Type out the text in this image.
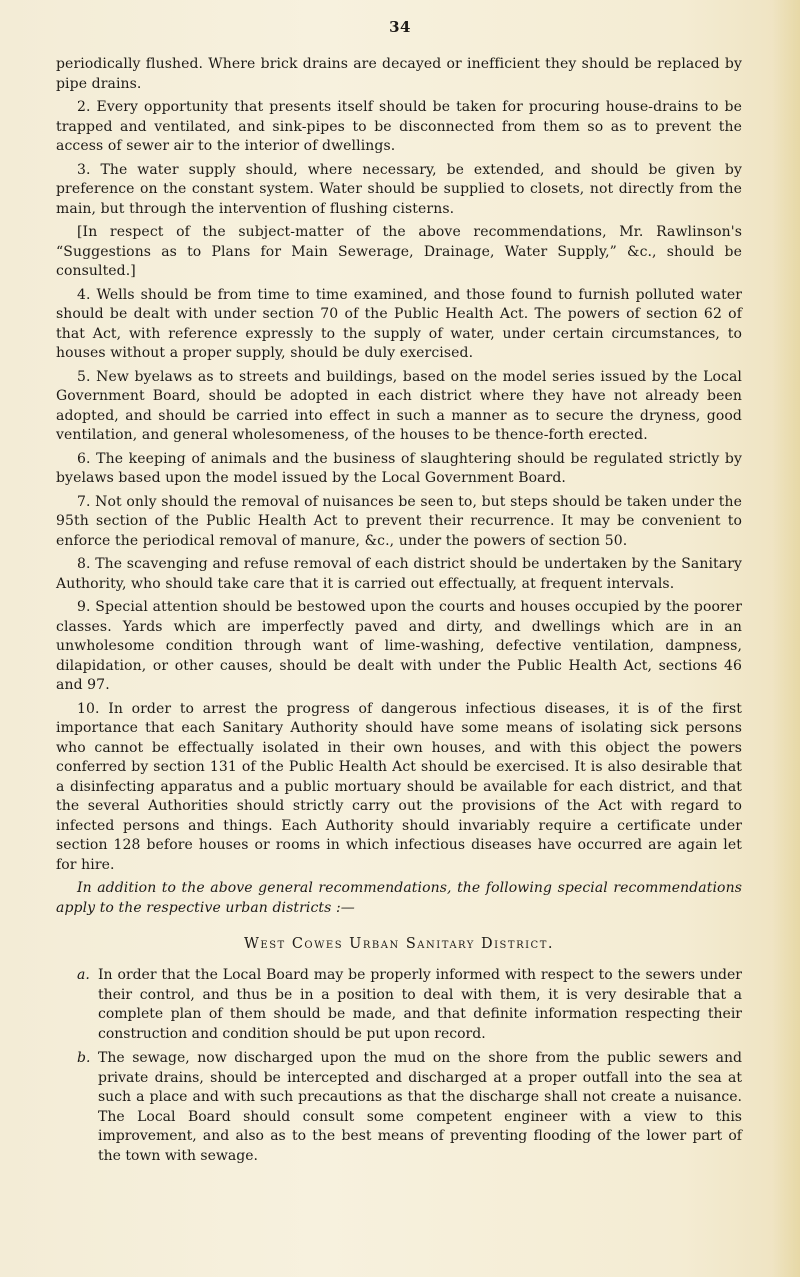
34

periodically flushed. Where brick drains are decayed or inefficient they should be replaced by pipe drains.

2. Every opportunity that presents itself should be taken for procuring house-drains to be trapped and ventilated, and sink-pipes to be disconnected from them so as to prevent the access of sewer air to the interior of dwellings.

3. The water supply should, where necessary, be extended, and should be given by preference on the constant system. Water should be supplied to closets, not directly from the main, but through the intervention of flushing cisterns.

[In respect of the subject-matter of the above recommendations, Mr. Rawlinson's “Suggestions as to Plans for Main Sewerage, Drainage, Water Supply,” &c., should be consulted.]

4. Wells should be from time to time examined, and those found to furnish polluted water should be dealt with under section 70 of the Public Health Act. The powers of section 62 of that Act, with reference expressly to the supply of water, under certain circumstances, to houses without a proper supply, should be duly exercised.

5. New byelaws as to streets and buildings, based on the model series issued by the Local Government Board, should be adopted in each district where they have not already been adopted, and should be carried into effect in such a manner as to secure the dryness, good ventilation, and general wholesomeness, of the houses to be thence-forth erected.

6. The keeping of animals and the business of slaughtering should be regulated strictly by byelaws based upon the model issued by the Local Government Board.

7. Not only should the removal of nuisances be seen to, but steps should be taken under the 95th section of the Public Health Act to prevent their recurrence. It may be convenient to enforce the periodical removal of manure, &c., under the powers of section 50.

8. The scavenging and refuse removal of each district should be undertaken by the Sanitary Authority, who should take care that it is carried out effectually, at frequent intervals.

9. Special attention should be bestowed upon the courts and houses occupied by the poorer classes. Yards which are imperfectly paved and dirty, and dwellings which are in an unwholesome condition through want of lime-washing, defective ventilation, dampness, dilapidation, or other causes, should be dealt with under the Public Health Act, sections 46 and 97.

10. In order to arrest the progress of dangerous infectious diseases, it is of the first importance that each Sanitary Authority should have some means of isolating sick persons who cannot be effectually isolated in their own houses, and with this object the powers conferred by section 131 of the Public Health Act should be exercised. It is also desirable that a disinfecting apparatus and a public mortuary should be available for each district, and that the several Authorities should strictly carry out the provisions of the Act with regard to infected persons and things. Each Authority should invariably require a certificate under section 128 before houses or rooms in which infectious diseases have occurred are again let for hire.

In addition to the above general recommendations, the following special recommendations apply to the respective urban districts :—

West Cowes Urban Sanitary District.
a. In order that the Local Board may be properly informed with respect to the sewers under their control, and thus be in a position to deal with them, it is very desirable that a complete plan of them should be made, and that definite information respecting their construction and condition should be put upon record.
b. The sewage, now discharged upon the mud on the shore from the public sewers and private drains, should be intercepted and discharged at a proper outfall into the sea at such a place and with such precautions as that the discharge shall not create a nuisance. The Local Board should consult some competent engineer with a view to this improvement, and also as to the best means of preventing flooding of the lower part of the town with sewage.
